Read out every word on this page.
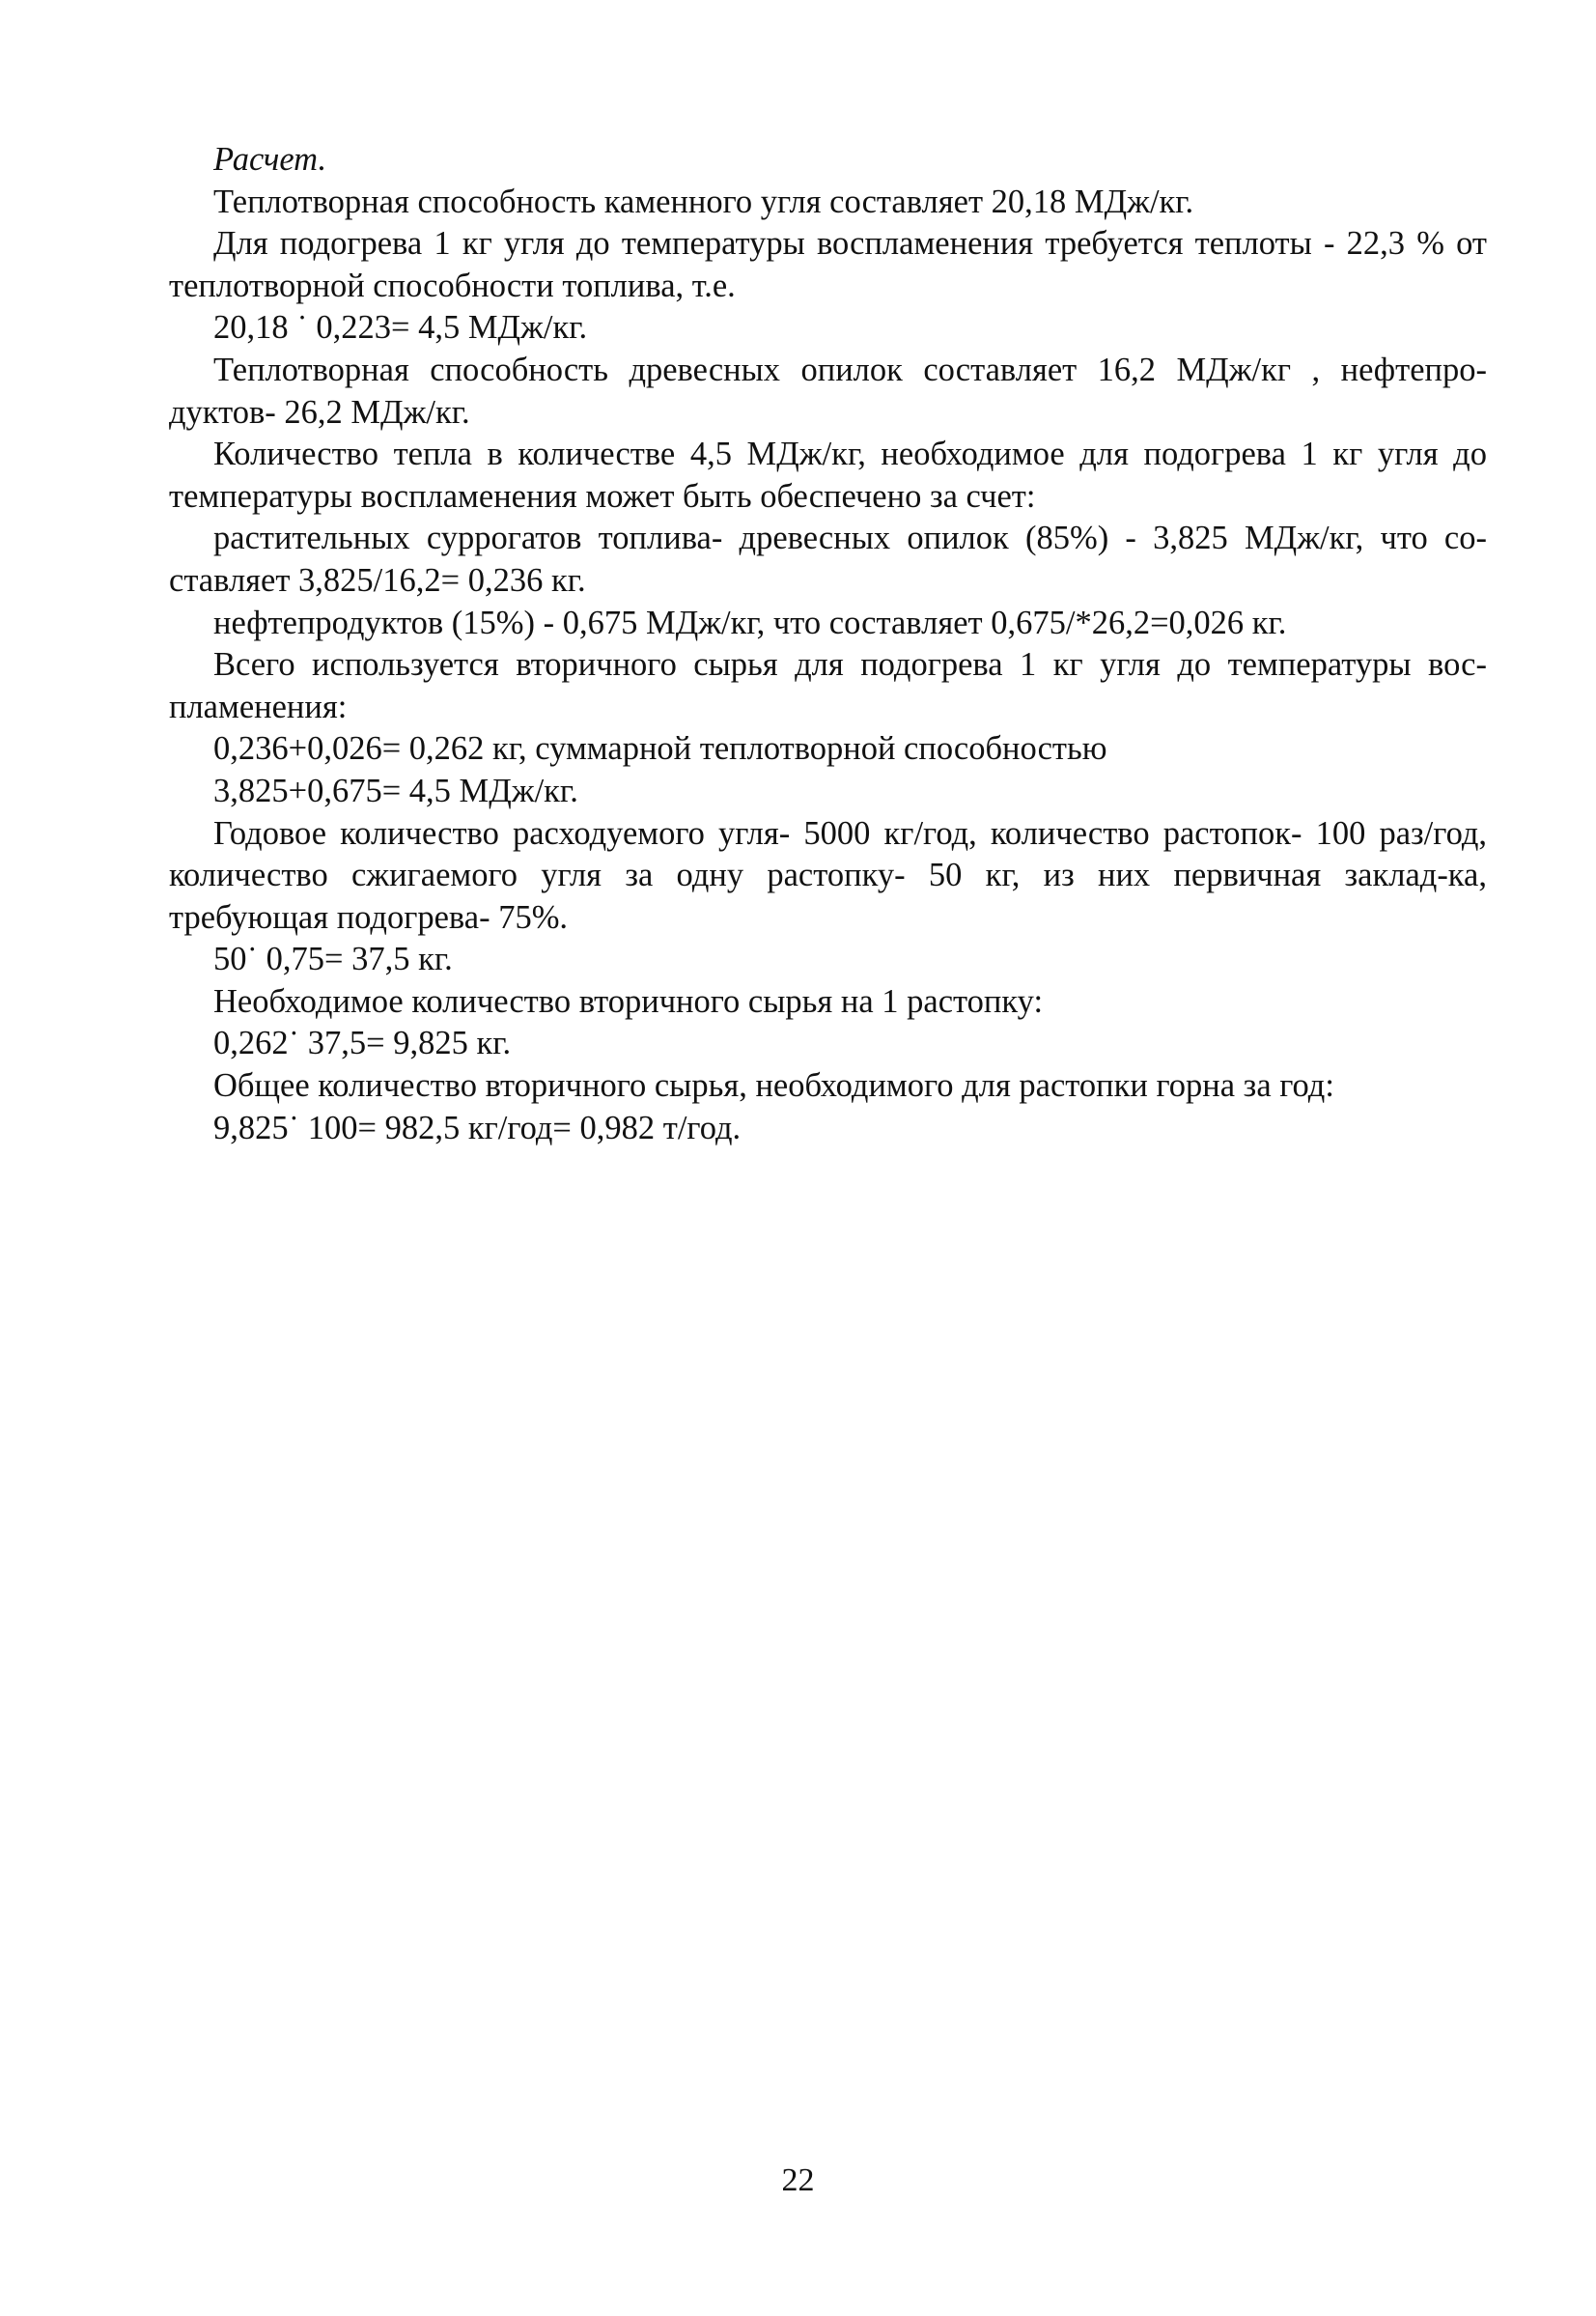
Расчет.

Теплотворная способность каменного угля составляет 20,18 МДж/кг.

Для подогрева 1 кг угля до температуры воспламенения требуется теплоты - 22,3 % от теплотворной способности топлива, т.е.

20,18 ˙ 0,223= 4,5 МДж/кг.

Теплотворная способность древесных опилок составляет 16,2 МДж/кг , нефтепро-дуктов- 26,2 МДж/кг.

Количество тепла в количестве 4,5 МДж/кг, необходимое для подогрева 1 кг угля до температуры воспламенения может быть обеспечено за счет:

растительных суррогатов топлива- древесных опилок (85%) - 3,825 МДж/кг, что со-ставляет 3,825/16,2= 0,236 кг.

нефтепродуктов (15%) - 0,675 МДж/кг, что составляет 0,675/*26,2=0,026 кг.

Всего используется вторичного сырья для подогрева 1 кг угля до температуры вос-пламенения:

0,236+0,026= 0,262 кг, суммарной теплотворной способностью

3,825+0,675= 4,5 МДж/кг.

Годовое количество расходуемого угля- 5000 кг/год, количество растопок- 100 раз/год, количество сжигаемого угля за одну растопку- 50 кг, из них первичная заклад-ка, требующая подогрева- 75%.

50˙ 0,75= 37,5 кг.

Необходимое количество вторичного сырья на 1 растопку:

0,262˙ 37,5= 9,825 кг.

Общее количество вторичного сырья, необходимого для растопки горна за год:

9,825˙ 100= 982,5 кг/год= 0,982 т/год.

22
